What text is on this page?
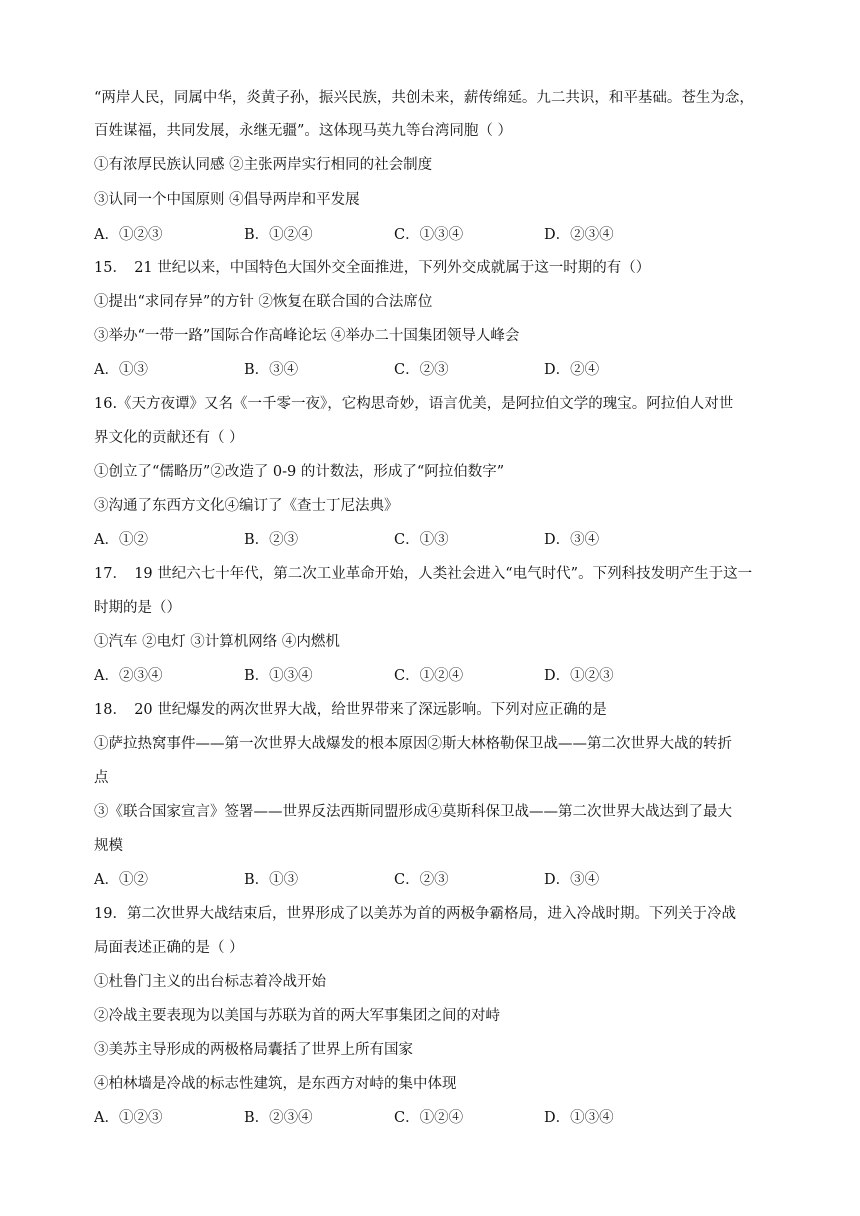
“两岸人民，同属中华，炎黄子孙，振兴民族，共创未来，薪传绵延。九二共识，和平基础。苍生为念，
百姓谋福，共同发展，永继无疆”。这体现马英九等台湾同胞（ ）
①有浓厚民族认同感 ②主张两岸实行相同的社会制度
③认同一个中国原则 ④倡导两岸和平发展
A．①②③	B．①②④	C．①③④	D．②③④
15．　21 世纪以来，中国特色大国外交全面推进，下列外交成就属于这一时期的有（）
①提出“求同存异”的方针 ②恢复在联合国的合法席位
③举办“一带一路”国际合作高峰论坛 ④举办二十国集团领导人峰会
A．①③	B．③④	C．②③	D．②④
16.《天方夜谭》又名《一千零一夜》，它构思奇妙，语言优美，是阿拉伯文学的瑰宝。阿拉伯人对世
界文化的贡献还有（ ）
①创立了“儒略历”②改造了 0-9 的计数法，形成了“阿拉伯数字”
③沟通了东西方文化④编订了《查士丁尼法典》
A．①②	B．②③	C．①③	D．③④
17．　19 世纪六七十年代，第二次工业革命开始，人类社会进入“电气时代”。下列科技发明产生于这一
时期的是（）
①汽车 ②电灯 ③计算机网络 ④内燃机
A．②③④	B．①③④	C．①②④	D．①②③
18．　20 世纪爆发的两次世界大战，给世界带来了深远影响。下列对应正确的是
①萨拉热窝事件——第一次世界大战爆发的根本原因②斯大林格勒保卫战——第二次世界大战的转折
点
③《联合国家宣言》签署——世界反法西斯同盟形成④莫斯科保卫战——第二次世界大战达到了最大
规模
A．①②	B．①③	C．②③	D．③④
19．第二次世界大战结束后，世界形成了以美苏为首的两极争霸格局，进入冷战时期。下列关于冷战
局面表述正确的是（ ）
①杜鲁门主义的出台标志着冷战开始
②冷战主要表现为以美国与苏联为首的两大军事集团之间的对峙
③美苏主导形成的两极格局囊括了世界上所有国家
④柏林墙是冷战的标志性建筑，是东西方对峙的集中体现
A．①②③	B．②③④	C．①②④	D．①③④
